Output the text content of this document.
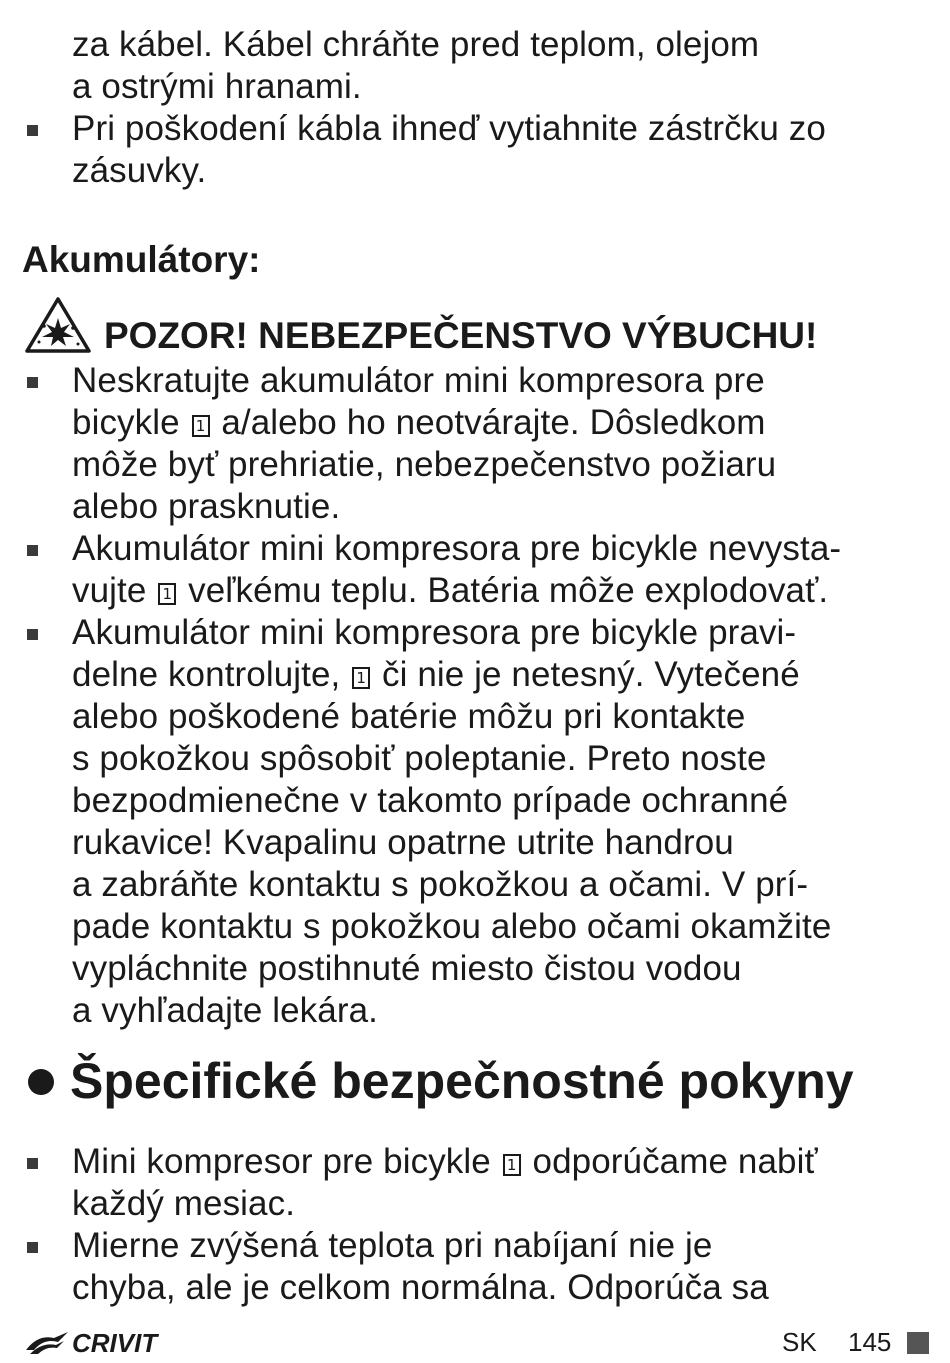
za kábel. Kábel chráňte pred teplom, olejom
a ostrými hranami.
Pri poškodení kábla ihneď vytiahnite zástrčku zo
zásuvky.
Akumulátory:
POZOR! NEBEZPEČENSTVO VÝBUCHU!
Neskratujte akumulátor mini kompresora pre
bicykle 1 a/alebo ho neotvárajte. Dôsledkom
môže byť prehriatie, nebezpečenstvo požiaru
alebo prasknutie.
Akumulátor mini kompresora pre bicykle nevysta-
vujte 1 veľkému teplu. Batéria môže explodovať.
Akumulátor mini kompresora pre bicykle pravi-
delne kontrolujte, 1 či nie je netesný. Vytečené
alebo poškodené batérie môžu pri kontakte
s pokožkou spôsobiť poleptanie. Preto noste
bezpodmienečne v takomto prípade ochranné
rukavice! Kvapalinu opatrne utrite handrou
a zabráňte kontaktu s pokožkou a očami. V prí-
pade kontaktu s pokožkou alebo očami okamžite
vypláchnite postihnuté miesto čistou vodou
a vyhľadajte lekára.
Špecifické bezpečnostné pokyny
Mini kompresor pre bicykle 1 odporúčame nabiť
každý mesiac.
Mierne zvýšená teplota pri nabíjaní nie je
chyba, ale je celkom normálna. Odporúča sa
CRIVIT	SK 145
